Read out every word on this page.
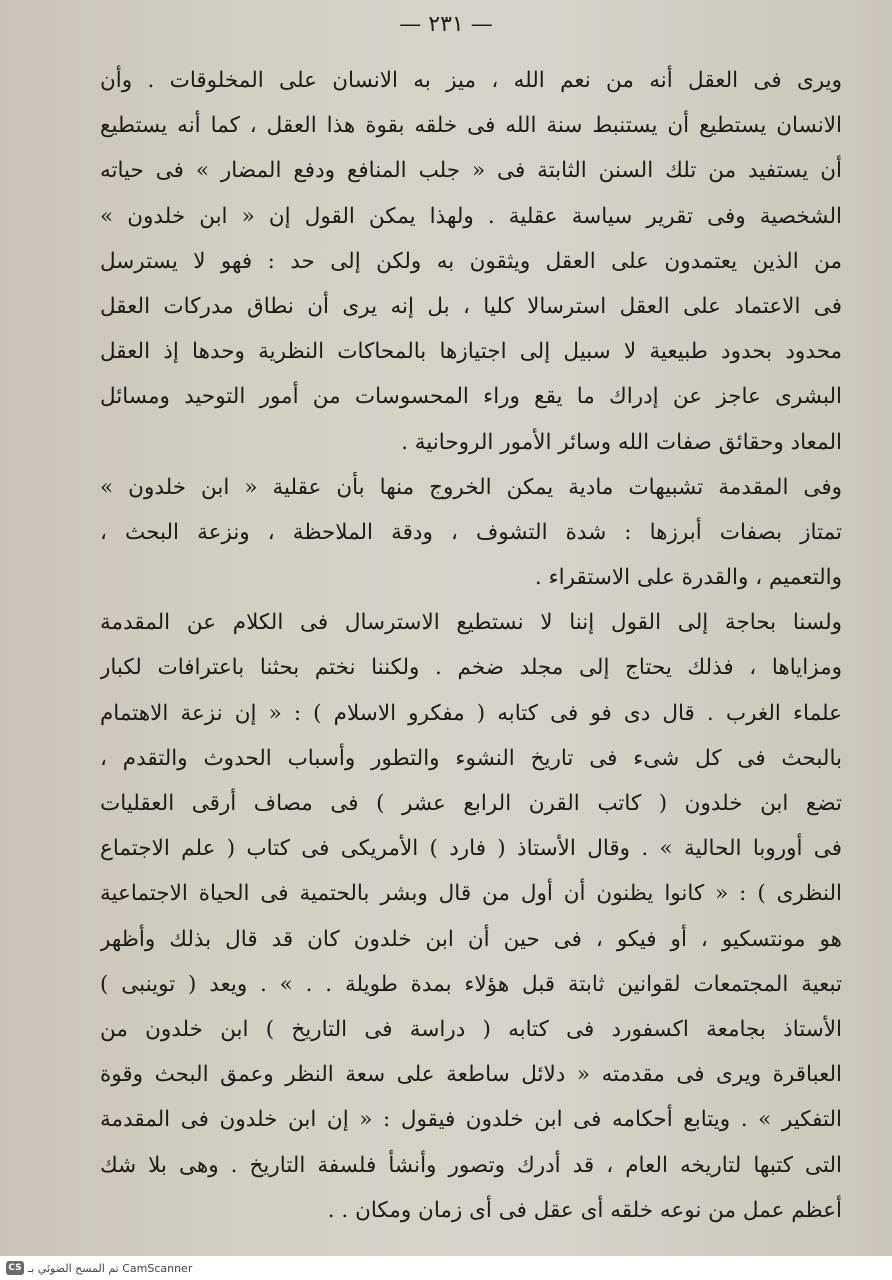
— ٢٣١ —
ويرى فى العقل أنه من نعم الله ، ميز به الانسان على المخلوقات . وأن
الانسان يستطيع أن يستنبط سنة الله فى خلقه بقوة هذا العقل ، كما أنه يستطيع
أن يستفيد من تلك السنن الثابتة فى « جلب المنافع ودفع المضار » فى حياته
الشخصية وفى تقرير سياسة عقلية . ولهذا يمكن القول إن « ابن خلدون »
من الذين يعتمدون على العقل ويثقون به ولكن إلى حد : فهو لا يسترسل
فى الاعتماد على العقل استرسالا كليا ، بل إنه يرى أن نطاق مدركات العقل
محدود بحدود طبيعية لا سبيل إلى اجتيازها بالمحاكات النظرية وحدها إذ العقل
البشرى عاجز عن إدراك ما يقع وراء المحسوسات من أمور التوحيد ومسائل
المعاد وحقائق صفات الله وسائر الأمور الروحانية .
وفى المقدمة تشبيهات مادية يمكن الخروج منها بأن عقلية « ابن خلدون »
تمتاز بصفات أبرزها : شدة التشوف ، ودقة الملاحظة ، ونزعة البحث ،
والتعميم ، والقدرة على الاستقراء .
ولسنا بحاجة إلى القول إننا لا نستطيع الاسترسال فى الكلام عن المقدمة
ومزاياها ، فذلك يحتاج إلى مجلد ضخم . ولكننا نختم بحثنا باعترافات لكبار
علماء الغرب . قال دى فو فى كتابه ( مفكرو الاسلام ) : « إن نزعة الاهتمام
بالبحث فى كل شىء فى تاريخ النشوء والتطور وأسباب الحدوث والتقدم ،
تضع ابن خلدون ( كاتب القرن الرابع عشر ) فى مصاف أرقى العقليات
فى أوروبا الحالية » . وقال الأستاذ ( فارد ) الأمريكى فى كتاب ( علم الاجتماع
النظرى ) : « كانوا يظنون أن أول من قال وبشر بالحتمية فى الحياة الاجتماعية
هو مونتسكيو ، أو فيكو ، فى حين أن ابن خلدون كان قد قال بذلك وأظهر
تبعية المجتمعات لقوانين ثابتة قبل هؤلاء بمدة طويلة . . » . ويعد ( توينبى )
الأستاذ بجامعة اكسفورد فى كتابه ( دراسة فى التاريخ ) ابن خلدون من
العباقرة ويرى فى مقدمته « دلائل ساطعة على سعة النظر وعمق البحث وقوة
التفكير » . ويتابع أحكامه فى ابن خلدون فيقول : « إن ابن خلدون فى المقدمة
التى كتبها لتاريخه العام ، قد أدرك وتصور وأنشأ فلسفة التاريخ . وهى بلا شك
أعظم عمل من نوعه خلقه أى عقل فى أى زمان ومكان . .
CS تم المسح الضوئي بـ CamScanner
